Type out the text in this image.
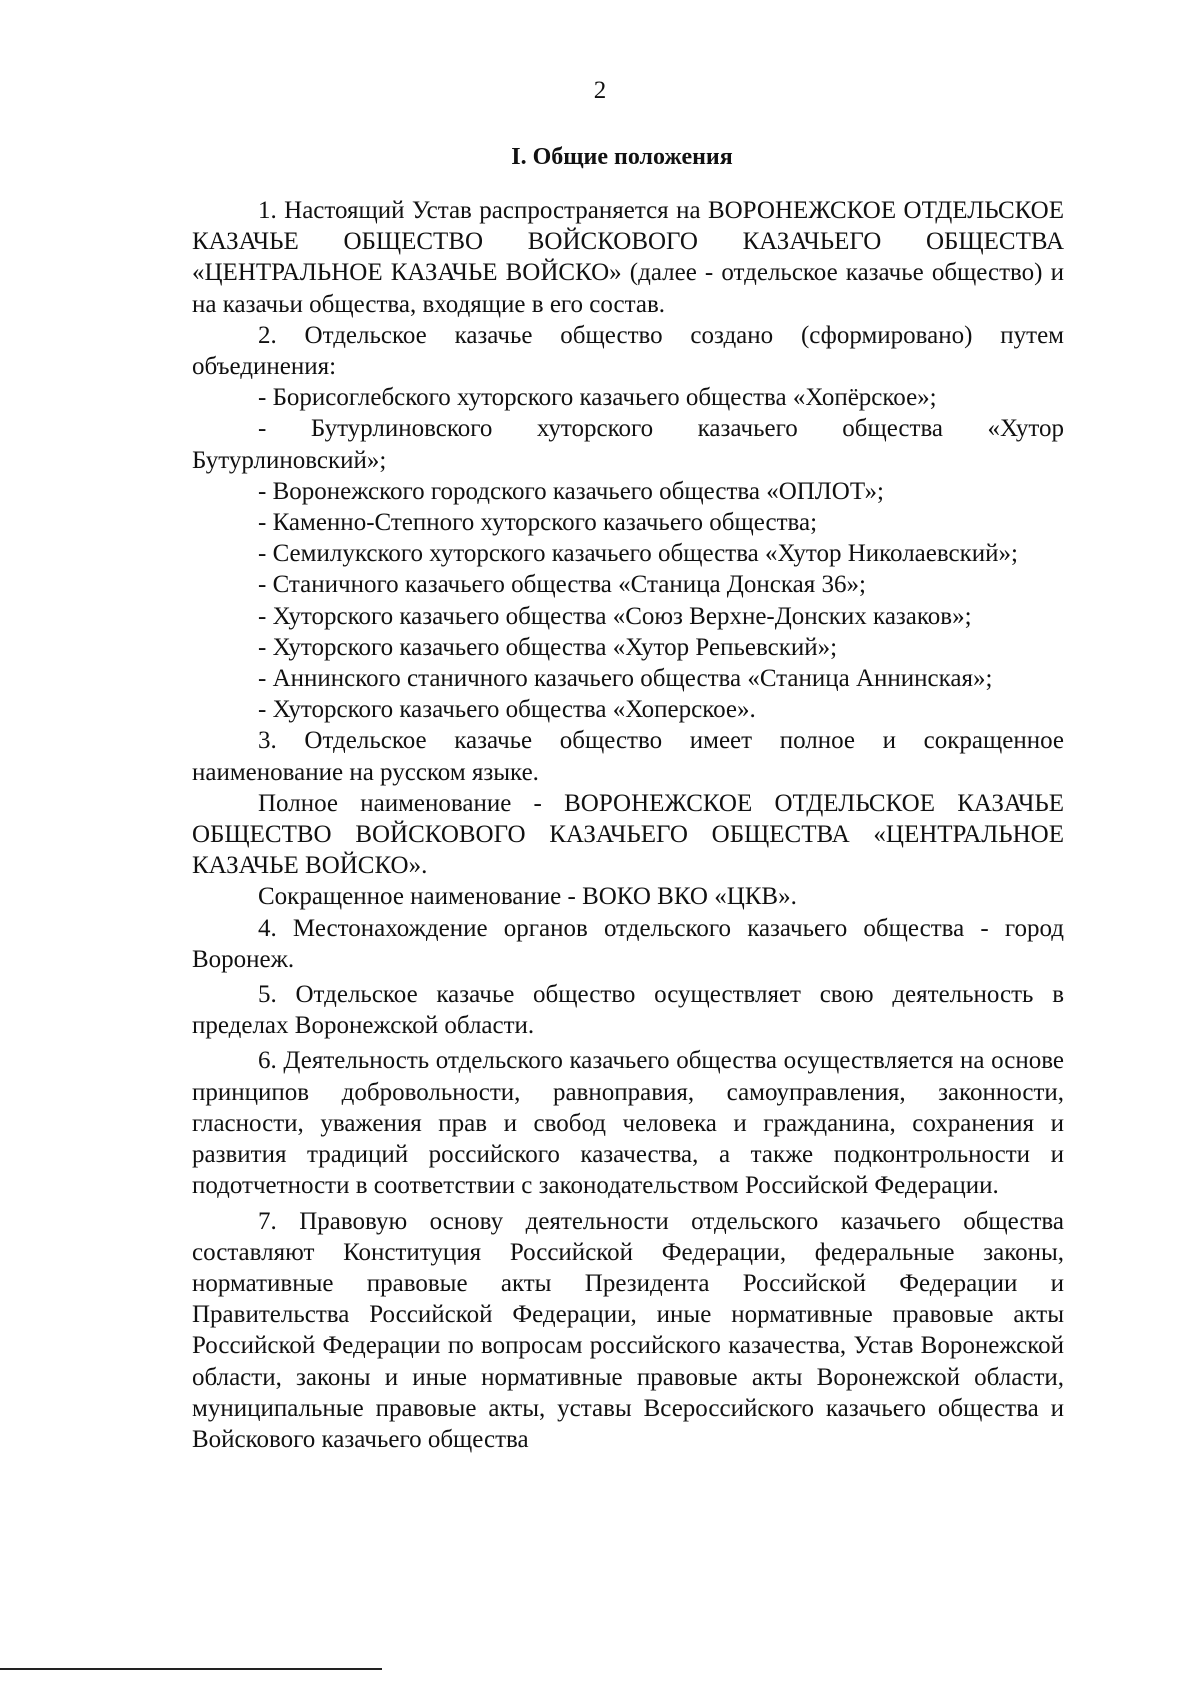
2
I. Общие положения

1. Настоящий Устав распространяется на ВОРОНЕЖСКОЕ ОТДЕЛЬСКОЕ КАЗАЧЬЕ ОБЩЕСТВО ВОЙСКОВОГО КАЗАЧЬЕГО ОБЩЕСТВА «ЦЕНТРАЛЬНОЕ КАЗАЧЬЕ ВОЙСКО» (далее - отдельское казачье общество) и на казачьи общества, входящие в его состав.

2. Отдельское казачье общество создано (сформировано) путем объединения:

- Борисоглебского хуторского казачьего общества «Хопёрское»;

- Бутурлиновского хуторского казачьего общества «Хутор Бутурлиновский»;

- Воронежского городского казачьего общества «ОПЛОТ»;

- Каменно-Степного хуторского казачьего общества;

- Семилукского хуторского казачьего общества «Хутор Николаевский»;

- Станичного казачьего общества «Станица Донская 36»;

- Хуторского казачьего общества «Союз Верхне-Донских казаков»;

- Хуторского казачьего общества «Хутор Репьевский»;

- Аннинского станичного казачьего общества «Станица Аннинская»;

- Хуторского казачьего общества «Хоперское».

3. Отдельское казачье общество имеет полное и сокращенное наименование на русском языке.

Полное наименование - ВОРОНЕЖСКОЕ ОТДЕЛЬСКОЕ КАЗАЧЬЕ ОБЩЕСТВО ВОЙСКОВОГО КАЗАЧЬЕГО ОБЩЕСТВА «ЦЕНТРАЛЬНОЕ КАЗАЧЬЕ ВОЙСКО».

Сокращенное наименование - ВОКО ВКО «ЦКВ».

4. Местонахождение органов отдельского казачьего общества - город Воронеж.

5. Отдельское казачье общество осуществляет свою деятельность в пределах Воронежской области.

6. Деятельность отдельского казачьего общества осуществляется на основе принципов добровольности, равноправия, самоуправления, законности, гласности, уважения прав и свобод человека и гражданина, сохранения и развития традиций российского казачества, а также подконтрольности и подотчетности в соответствии с законодательством Российской Федерации.

7. Правовую основу деятельности отдельского казачьего общества составляют Конституция Российской Федерации, федеральные законы, нормативные правовые акты Президента Российской Федерации и Правительства Российской Федерации, иные нормативные правовые акты Российской Федерации по вопросам российского казачества, Устав Воронежской области, законы и иные нормативные правовые акты Воронежской области, муниципальные правовые акты, уставы Всероссийского казачьего общества и Войскового казачьего общества
